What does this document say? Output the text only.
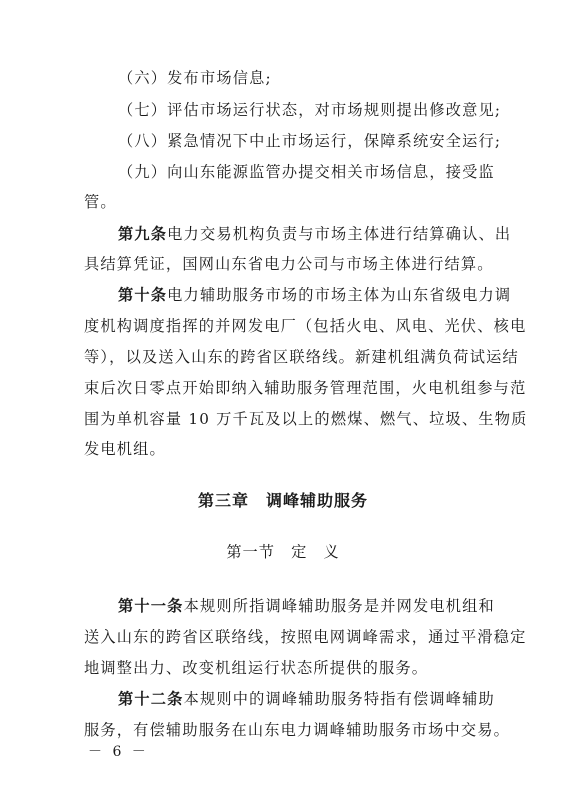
（六）发布市场信息;
（七）评估市场运行状态，对市场规则提出修改意见;
（八）紧急情况下中止市场运行，保障系统安全运行;
（九）向山东能源监管办提交相关市场信息，接受监
管。
第九条电力交易机构负责与市场主体进行结算确认、出
具结算凭证，国网山东省电力公司与市场主体进行结算。
第十条电力辅助服务市场的市场主体为山东省级电力调
度机构调度指挥的并网发电厂（包括火电、风电、光伏、核电
等），以及送入山东的跨省区联络线。新建机组满负荷试运结
束后次日零点开始即纳入辅助服务管理范围，火电机组参与范
围为单机容量 10 万千瓦及以上的燃煤、燃气、垃圾、生物质
发电机组。
第三章　调峰辅助服务
第一节　定　义
第十一条本规则所指调峰辅助服务是并网发电机组和
送入山东的跨省区联络线，按照电网调峰需求，通过平滑稳定
地调整出力、改变机组运行状态所提供的服务。
第十二条本规则中的调峰辅助服务特指有偿调峰辅助
服务，有偿辅助服务在山东电力调峰辅助服务市场中交易。
－ 6 －
